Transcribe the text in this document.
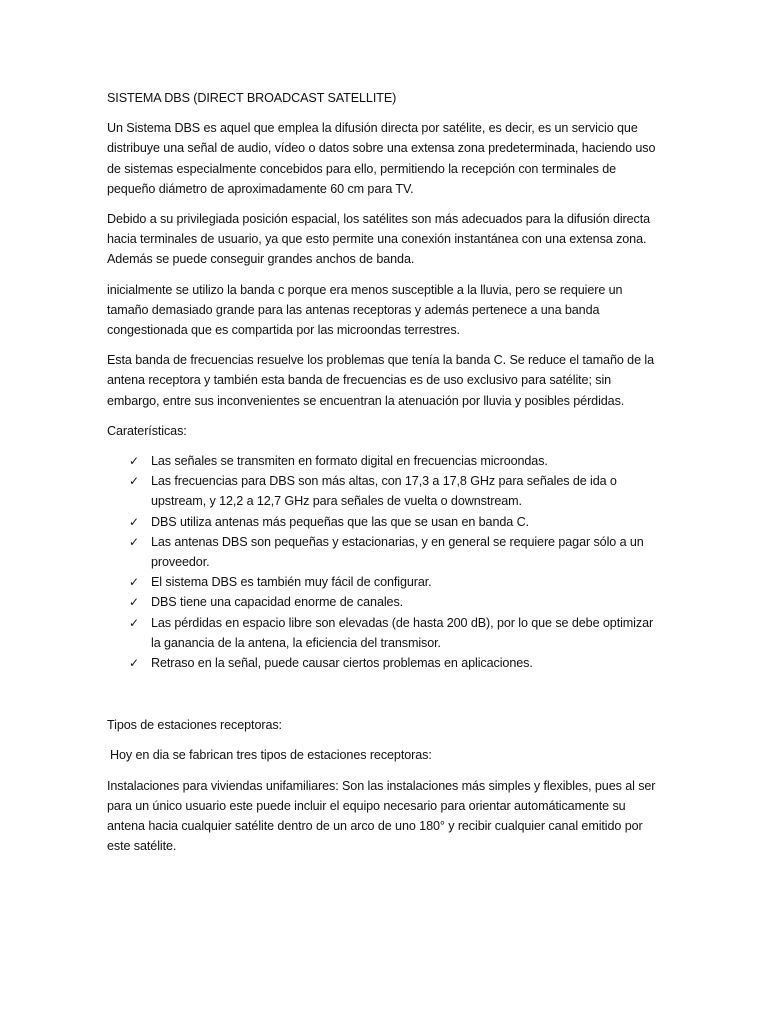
SISTEMA DBS (DIRECT BROADCAST SATELLITE)

Un Sistema DBS es aquel que emplea la difusión directa por satélite, es decir, es un servicio que distribuye una señal de audio, vídeo o datos sobre una extensa zona predeterminada, haciendo uso de sistemas especialmente concebidos para ello, permitiendo la recepción con terminales de pequeño diámetro de aproximadamente 60 cm para TV.

Debido a su privilegiada posición espacial, los satélites son más adecuados para la difusión directa hacia terminales de usuario, ya que esto permite una conexión instantánea con una extensa zona. Además se puede conseguir grandes anchos de banda.

inicialmente se utilizo la banda c porque era menos susceptible a la lluvia, pero se requiere un tamaño demasiado grande para las antenas receptoras y además pertenece a una banda congestionada que es compartida por las microondas terrestres.

Esta banda de frecuencias resuelve los problemas que tenía la banda C. Se reduce el tamaño de la antena receptora y también esta banda de frecuencias es de uso exclusivo para satélite; sin embargo, entre sus inconvenientes se encuentran la atenuación por lluvia y posibles pérdidas.

Caraterísticas:

✓ Las señales se transmiten en formato digital en frecuencias microondas.
✓ Las frecuencias para DBS son más altas, con 17,3 a 17,8 GHz para señales de ida o upstream, y 12,2 a 12,7 GHz para señales de vuelta o downstream.
✓ DBS utiliza antenas más pequeñas que las que se usan en banda C.
✓ Las antenas DBS son pequeñas y estacionarias, y en general se requiere pagar sólo a un proveedor.
✓ El sistema DBS es también muy fácil de configurar.
✓ DBS tiene una capacidad enorme de canales.
✓ Las pérdidas en espacio libre son elevadas (de hasta 200 dB), por lo que se debe optimizar la ganancia de la antena, la eficiencia del transmisor.
✓ Retraso en la señal, puede causar ciertos problemas en aplicaciones.

Tipos de estaciones receptoras:

Hoy en dia se fabrican tres tipos de estaciones receptoras:

Instalaciones para viviendas unifamiliares: Son las instalaciones más simples y flexibles, pues al ser para un único usuario este puede incluir el equipo necesario para orientar automáticamente su antena hacia cualquier satélite dentro de un arco de uno 180° y recibir cualquier canal emitido por este satélite.
